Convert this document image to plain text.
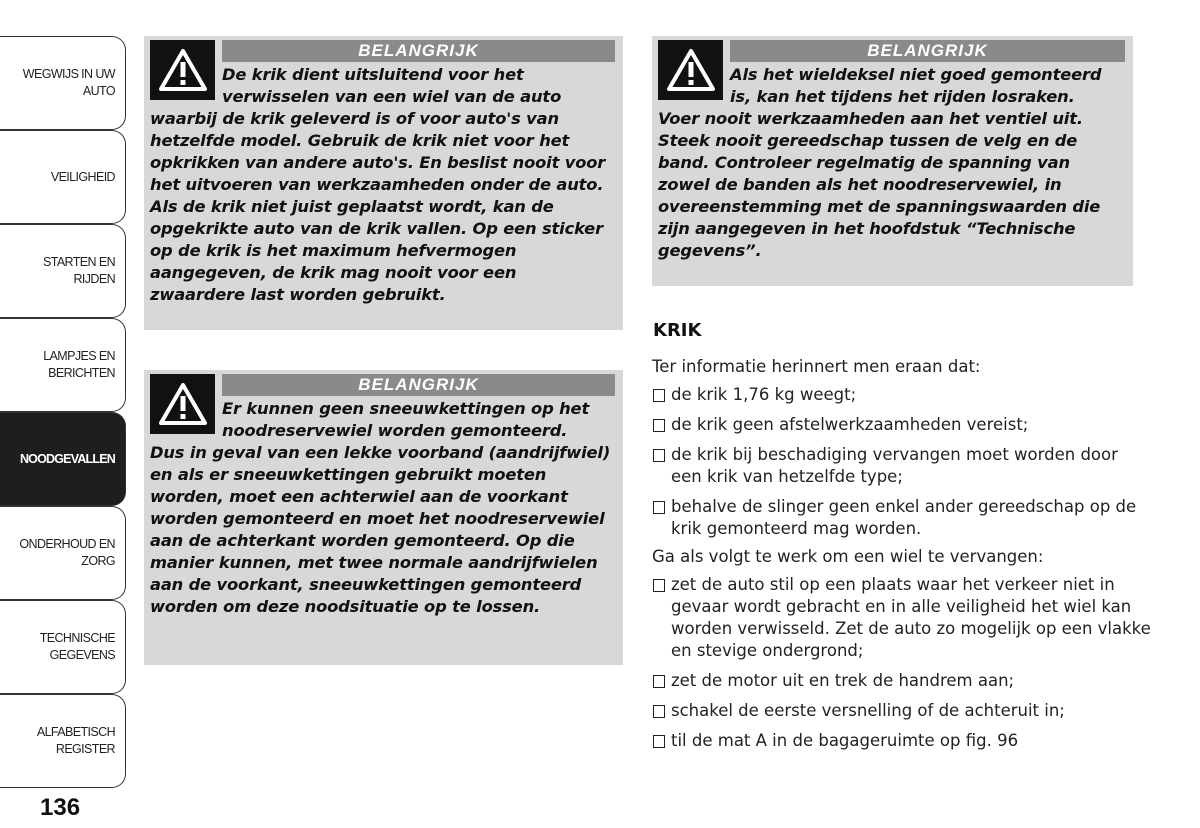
WEGWIJS IN UW
AUTO
VEILIGHEID
STARTEN EN RIJDEN
LAMPJES EN
BERICHTEN
NOODGEVALLEN
ONDERHOUD EN
ZORG
TECHNISCHE
GEGEVENS
ALFABETISCH
REGISTER
136
BELANGRIJK

De krik dient uitsluitend voor het verwisselen van een wiel van de auto

waarbij de krik geleverd is of voor auto's van hetzelfde model. Gebruik de krik niet voor het opkrikken van andere auto's. En beslist nooit voor het uitvoeren van werkzaamheden onder de auto. Als de krik niet juist geplaatst wordt, kan de opgekrikte auto van de krik vallen. Op een sticker op de krik is het maximum hefvermogen aangegeven, de krik mag nooit voor een zwaardere last worden gebruikt.

BELANGRIJK

Er kunnen geen sneeuwkettingen op het noodreservewiel worden gemonteerd.

Dus in geval van een lekke voorband (aandrijfwiel) en als er sneeuwkettingen gebruikt moeten worden, moet een achterwiel aan de voorkant worden gemonteerd en moet het noodreservewiel aan de achterkant worden gemonteerd. Op die manier kunnen, met twee normale aandrijfwielen aan de voorkant, sneeuwkettingen gemonteerd worden om deze noodsituatie op te lossen.

BELANGRIJK

Als het wieldeksel niet goed gemonteerd is, kan het tijdens het rijden losraken.

Voer nooit werkzaamheden aan het ventiel uit. Steek nooit gereedschap tussen de velg en de band. Controleer regelmatig de spanning van zowel de banden als het noodreservewiel, in overeenstemming met de spanningswaarden die zijn aangegeven in het hoofdstuk “Technische gegevens”.

KRIK

Ter informatie herinnert men eraan dat:

de krik 1,76 kg weegt;
de krik geen afstelwerkzaamheden vereist;
de krik bij beschadiging vervangen moet worden door een krik van hetzelfde type;
behalve de slinger geen enkel ander gereedschap op de krik gemonteerd mag worden.

Ga als volgt te werk om een wiel te vervangen:

zet de auto stil op een plaats waar het verkeer niet in gevaar wordt gebracht en in alle veiligheid het wiel kan worden verwisseld. Zet de auto zo mogelijk op een vlakke en stevige ondergrond;
zet de motor uit en trek de handrem aan;
schakel de eerste versnelling of de achteruit in;
til de mat A in de bagageruimte op fig. 96
